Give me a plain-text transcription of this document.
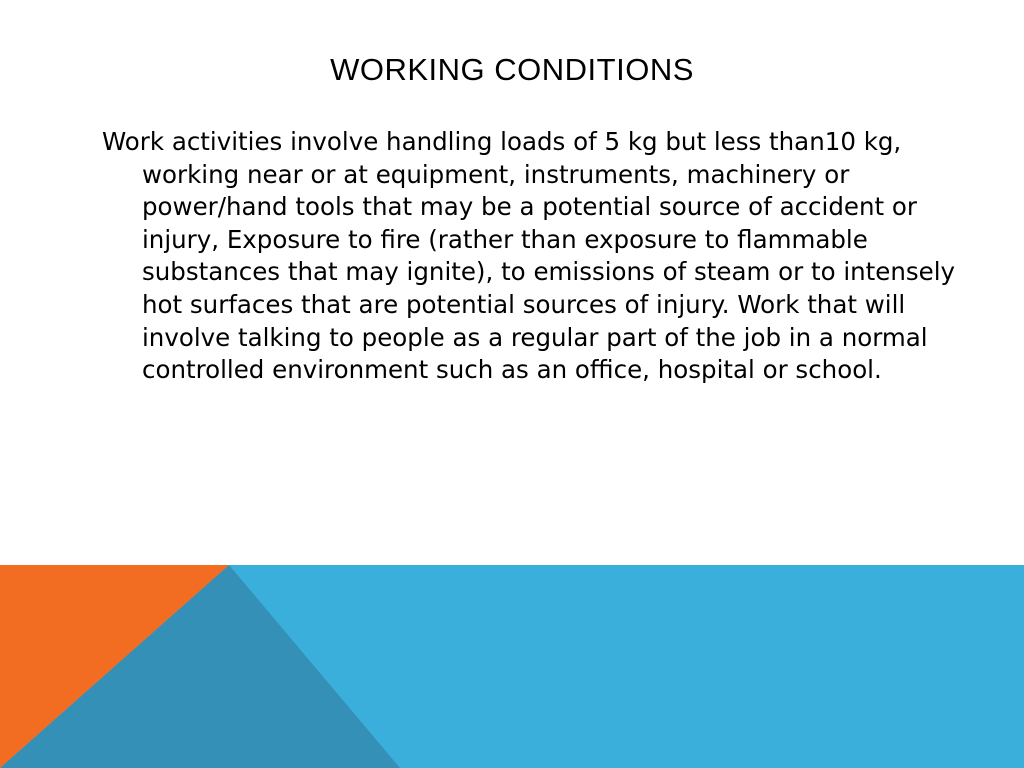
WORKING CONDITIONS

Work activities involve handling loads of 5 kg but less than10 kg, working near or at equipment, instruments, machinery or power/hand tools that may be a potential source of accident or injury, Exposure to fire (rather than exposure to flammable substances that may ignite), to emissions of steam or to intensely hot surfaces that are potential sources of injury. Work that will involve talking to people as a regular part of the job in a normal controlled environment such as an office, hospital or school.
